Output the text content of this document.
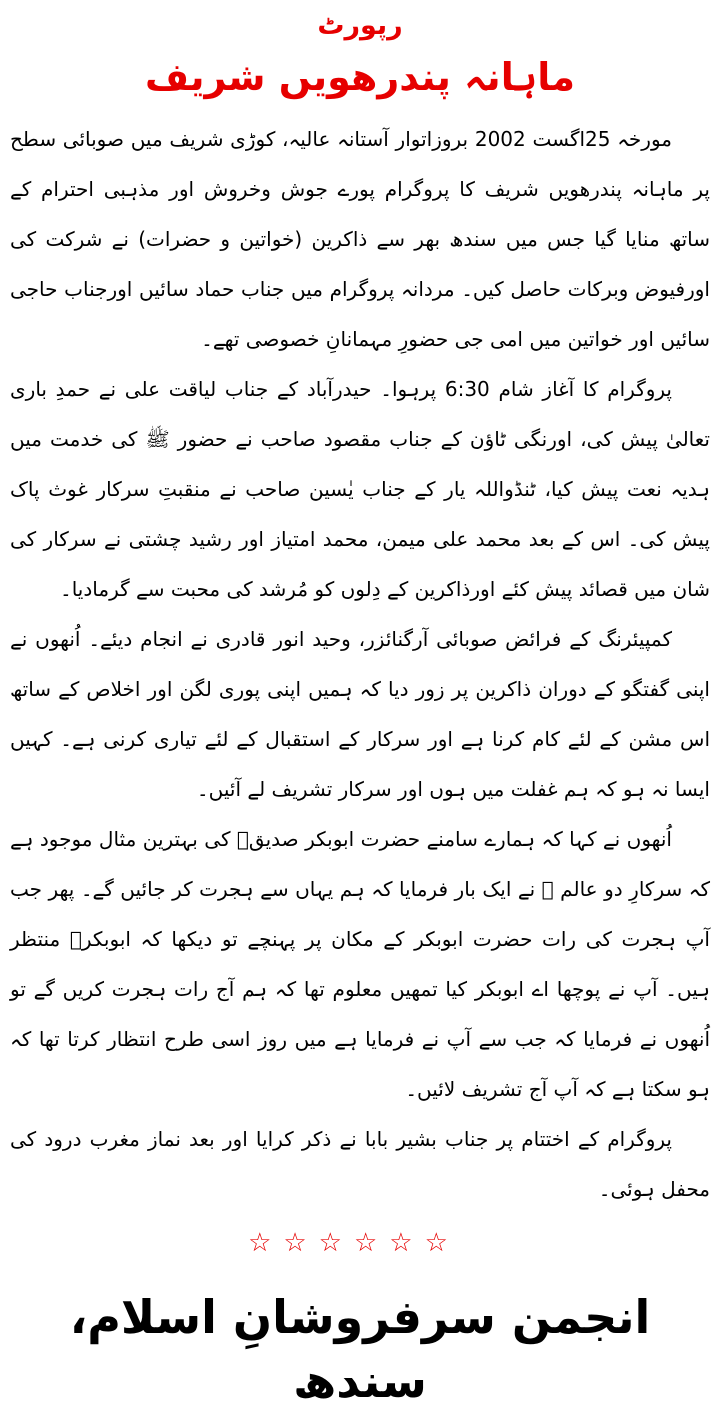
رپورٹ
ماہانہ پندرھویں شریف

مورخہ 25اگست 2002 بروزاتوار آستانہ عالیہ، کوڑی شریف میں صوبائی سطح پر ماہانہ پندرھویں شریف کا پروگرام پورے جوش وخروش اور مذہبی احترام کے ساتھ منایا گیا جس میں سندھ بھر سے ذاکرین (خواتین و حضرات) نے شرکت کی اورفیوض وبرکات حاصل کیں۔ مردانہ پروگرام میں جناب حماد سائیں اورجناب حاجی سائیں اور خواتین میں امی جی حضورِ مہمانانِ خصوصی تھے۔

پروگرام کا آغاز شام 6:30 پرہوا۔ حیدرآباد کے جناب لیاقت علی نے حمدِ باری تعالیٰ پیش کی، اورنگی ٹاؤن کے جناب مقصود صاحب نے حضور ﷺ کی خدمت میں ہدیہ نعت پیش کیا، ٹنڈواللہ یار کے جناب یٰسین صاحب نے منقبتِ سرکار غوث پاک پیش کی۔ اس کے بعد محمد علی میمن، محمد امتیاز اور رشید چشتی نے سرکار کی شان میں قصائد پیش کئے اورذاکرین کے دِلوں کو مُرشد کی محبت سے گرمادیا۔

کمپیئرنگ کے فرائض صوبائی آرگنائزر، وحید انور قادری نے انجام دیئے۔ اُنھوں نے اپنی گفتگو کے دوران ذاکرین پر زور دیا کہ ہمیں اپنی پوری لگن اور اخلاص کے ساتھ اس مشن کے لئے کام کرنا ہے اور سرکار کے استقبال کے لئے تیاری کرنی ہے۔ کہیں ایسا نہ ہو کہ ہم غفلت میں ہوں اور سرکار تشریف لے آئیں۔

اُنھوں نے کہا کہ ہمارے سامنے حضرت ابوبکر صدیقؓ کی بہترین مثال موجود ہے کہ سرکارِ دو عالم ﷺ نے ایک بار فرمایا کہ ہم یہاں سے ہجرت کر جائیں گے۔ پھر جب آپ ہجرت کی رات حضرت ابوبکر کے مکان پر پہنچے تو دیکھا کہ ابوبکرؓ منتظر ہیں۔ آپ نے پوچھا اے ابوبکر کیا تمھیں معلوم تھا کہ ہم آج رات ہجرت کریں گے تو اُنھوں نے فرمایا کہ جب سے آپ نے فرمایا ہے میں روز اسی طرح انتظار کرتا تھا کہ ہو سکتا ہے کہ آپ آج تشریف لائیں۔

پروگرام کے اختتام پر جناب بشیر بابا نے ذکر کرایا اور بعد نماز مغرب درود کی محفل ہوئی۔

☆☆☆☆☆☆
انجمن سرفروشانِ اسلام، سندھ
